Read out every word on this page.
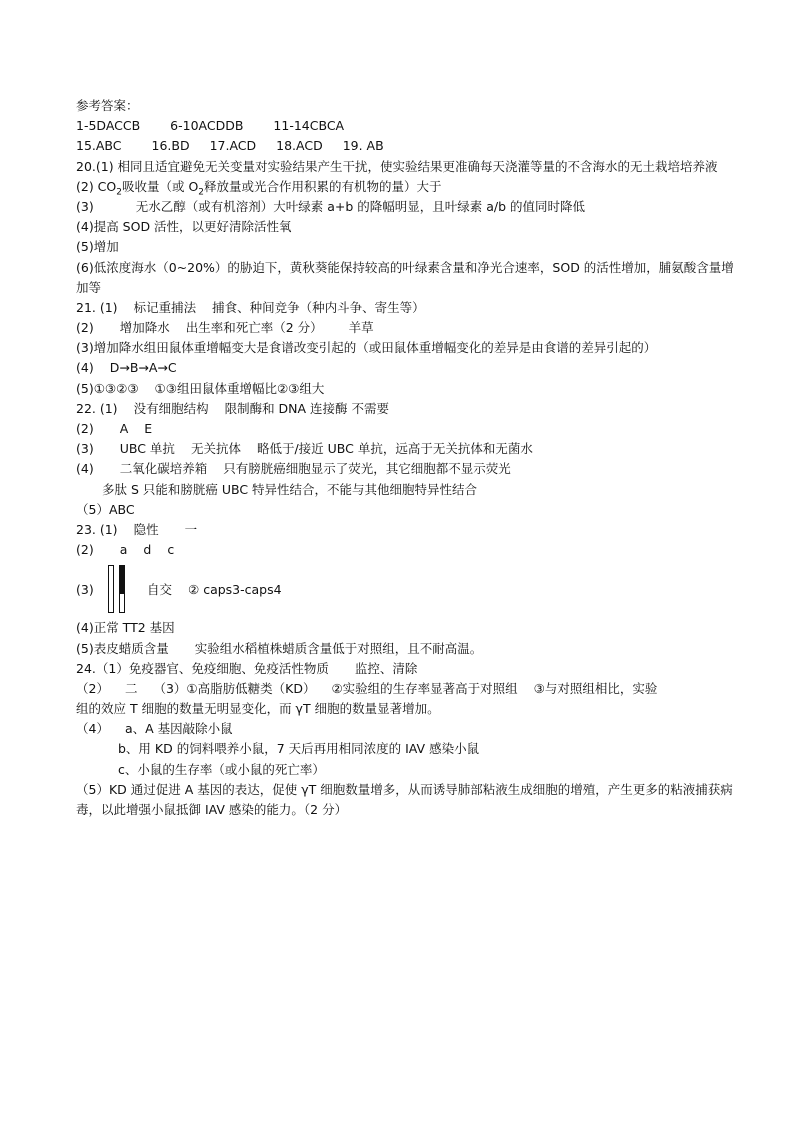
参考答案：
1-5DACCB 6-10ACDDB 11-14CBCA
15.ABC 16.BD 17.ACD 18.ACD 19. AB
20.(1) 相同且适宜避免无关变量对实验结果产生干扰，使实验结果更准确每天浇灌等量的不含海水的无土栽培培养液
(2) $CO_2$吸收量（或 $O_2$释放量或光合作用积累的有机物的量）大于
(3)	无水乙醇（或有机溶剂）大叶绿素 a+b 的降幅明显，且叶绿素 a/b 的值同时降低
(4)提高 SOD 活性，以更好清除活性氧
(5)增加
(6)低浓度海水（0~20%）的胁迫下，黄秋葵能保持较高的叶绿素含量和净光合速率，SOD 的活性增加，脯氨酸含量增加等
21. (1) 标记重捕法 捕食、种间竞争（种内斗争、寄生等）
(2) 增加降水 出生率和死亡率（2 分） 羊草
(3)增加降水组田鼠体重增幅变大是食谱改变引起的（或田鼠体重增幅变化的差异是由食谱的差异引起的）
(4) D→B→A→C
(5)①③②③ ①③组田鼠体重增幅比②③组大
22. (1) 没有细胞结构 限制酶和 DNA 连接酶 不需要
(2) A E
(3) UBC 单抗 无关抗体 略低于/接近 UBC 单抗，远高于无关抗体和无菌水
(4) 二氧化碳培养箱 只有膀胱癌细胞显示了荧光，其它细胞都不显示荧光
多肽 S 只能和膀胱癌 UBC 特异性结合，不能与其他细胞特异性结合
（5）ABC
23. (1) 隐性 一
(2) a d c
(3)	自交 ② caps3-caps4
(4)正常 TT2 基因
(5)表皮蜡质含量 实验组水稻植株蜡质含量低于对照组，且不耐高温。
24.（1）免疫器官、免疫细胞、免疫活性物质 监控、清除
（2） 二 （3）①高脂肪低糖类（KD） ②实验组的生存率显著高于对照组 ③与对照组相比，实验
组的效应 T 细胞的数量无明显变化，而 γT 细胞的数量显著增加。
（4） a、A 基因敲除小鼠
b、用 KD 的饲料喂养小鼠，7 天后再用相同浓度的 IAV 感染小鼠
c、小鼠的生存率（或小鼠的死亡率）
（5）KD 通过促进 A 基因的表达，促使 γT 细胞数量增多，从而诱导肺部粘液生成细胞的增殖，产生更多的粘液捕获病毒，以此增强小鼠抵御 IAV 感染的能力。（2 分）
